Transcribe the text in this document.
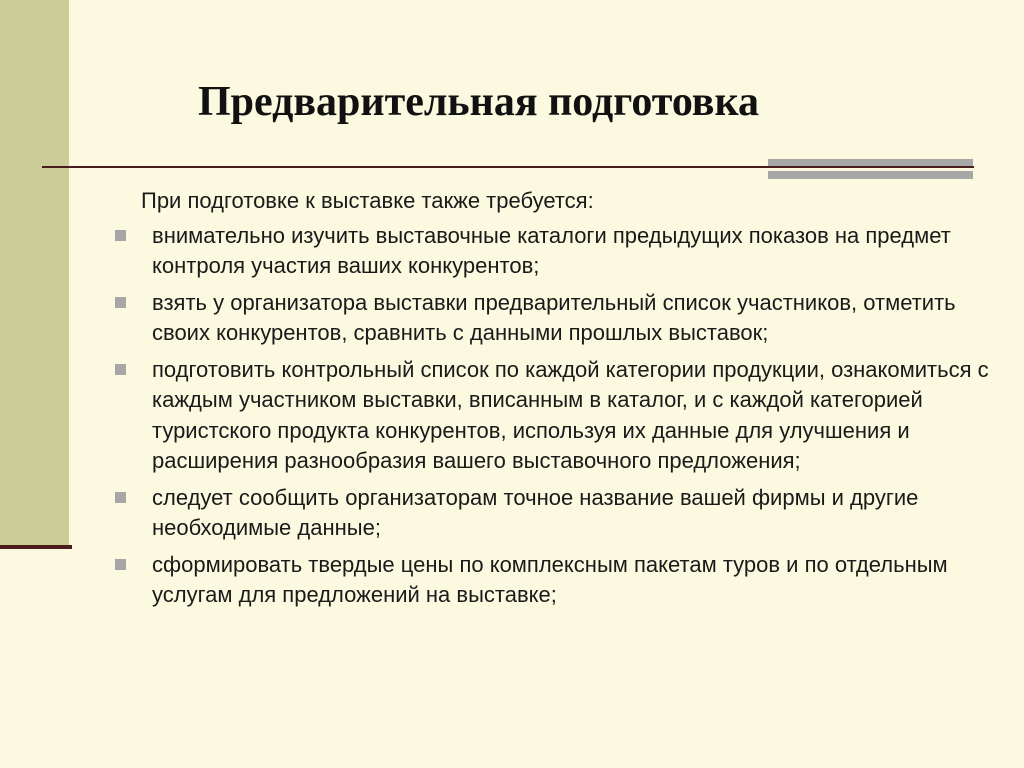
Предварительная подготовка

При подготовке к выставке также требуется:

внимательно изучить выставочные каталоги предыдущих показов на предмет контроля участия ваших конкурентов;
взять у организатора выставки предварительный список участников, отметить своих конкурентов, сравнить с данными прошлых выставок;
подготовить контрольный список по каждой категории продукции, ознакомиться с каждым участником выставки, вписанным в каталог, и с каждой категорией туристского продукта конкурентов, используя их данные для улучшения и расширения разнообразия вашего выставочного предложения;
следует сообщить организаторам точное название вашей фирмы и другие необходимые данные;
сформировать твердые цены по комплексным пакетам туров и по отдельным услугам для предложений на выставке;
